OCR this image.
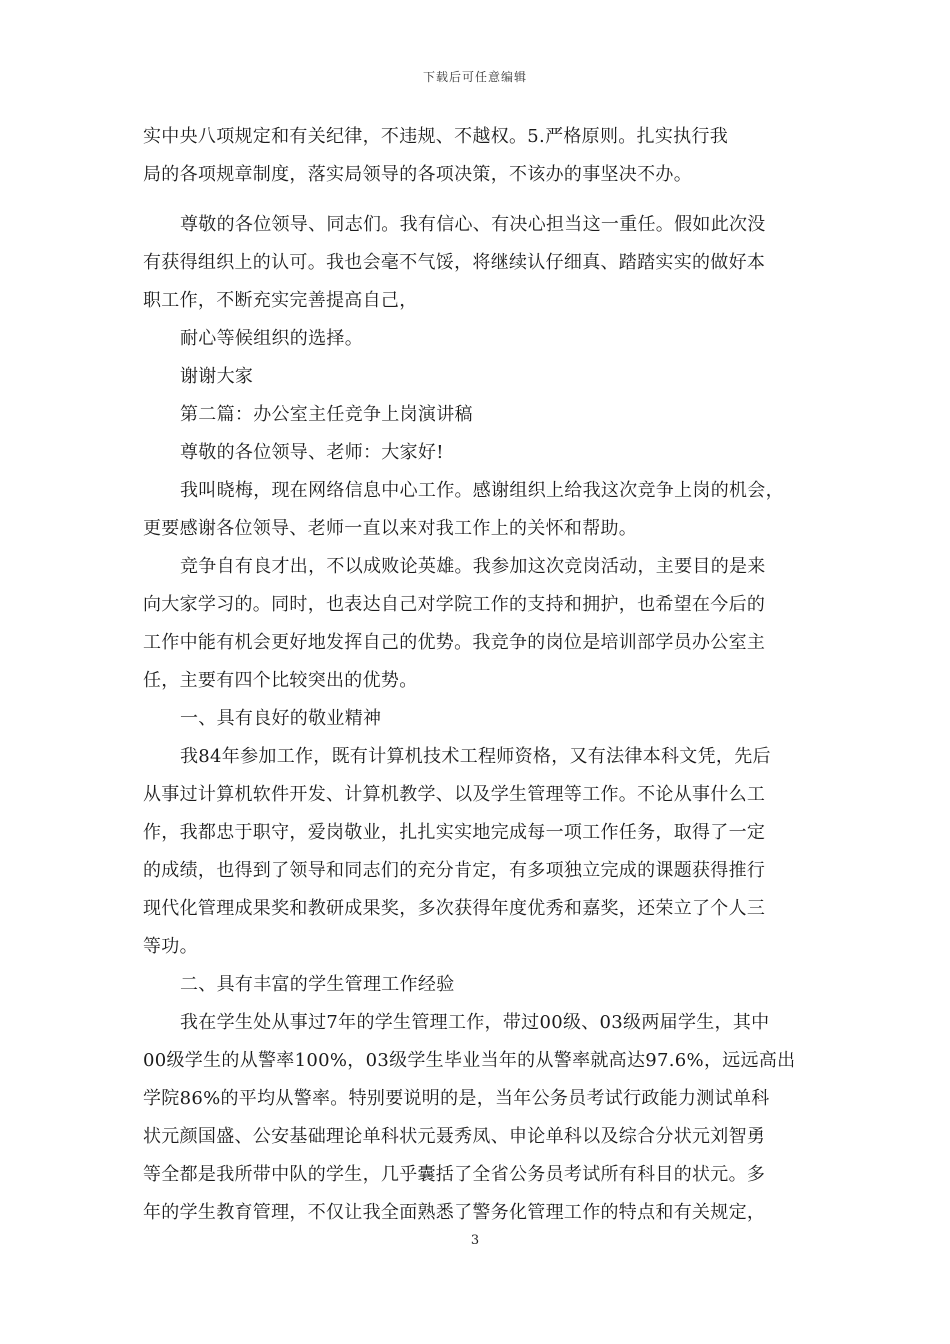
下载后可任意编辑
实中央八项规定和有关纪律，不违规、不越权。5.严格原则。扎实执行我
局的各项规章制度，落实局领导的各项决策，不该办的事坚决不办。
尊敬的各位领导、同志们。我有信心、有决心担当这一重任。假如此次没
有获得组织上的认可。我也会毫不气馁，将继续认仔细真、踏踏实实的做好本
职工作，不断充实完善提高自己，
耐心等候组织的选择。
谢谢大家
第二篇：办公室主任竞争上岗演讲稿
尊敬的各位领导、老师：大家好!
我叫晓梅，现在网络信息中心工作。感谢组织上给我这次竞争上岗的机会，
更要感谢各位领导、老师一直以来对我工作上的关怀和帮助。
竞争自有良才出，不以成败论英雄。我参加这次竞岗活动，主要目的是来
向大家学习的。同时，也表达自己对学院工作的支持和拥护，也希望在今后的
工作中能有机会更好地发挥自己的优势。我竞争的岗位是培训部学员办公室主
任，主要有四个比较突出的优势。
一、具有良好的敬业精神
我84年参加工作，既有计算机技术工程师资格，又有法律本科文凭，先后
从事过计算机软件开发、计算机教学、以及学生管理等工作。不论从事什么工
作，我都忠于职守，爱岗敬业，扎扎实实地完成每一项工作任务，取得了一定
的成绩，也得到了领导和同志们的充分肯定，有多项独立完成的课题获得推行
现代化管理成果奖和教研成果奖，多次获得年度优秀和嘉奖，还荣立了个人三
等功。
二、具有丰富的学生管理工作经验
我在学生处从事过7年的学生管理工作，带过00级、03级两届学生，其中
00级学生的从警率100%，03级学生毕业当年的从警率就高达97.6%，远远高出
学院86%的平均从警率。特别要说明的是，当年公务员考试行政能力测试单科
状元颜国盛、公安基础理论单科状元聂秀凤、申论单科以及综合分状元刘智勇
等全都是我所带中队的学生，几乎囊括了全省公务员考试所有科目的状元。多
年的学生教育管理，不仅让我全面熟悉了警务化管理工作的特点和有关规定，
3
